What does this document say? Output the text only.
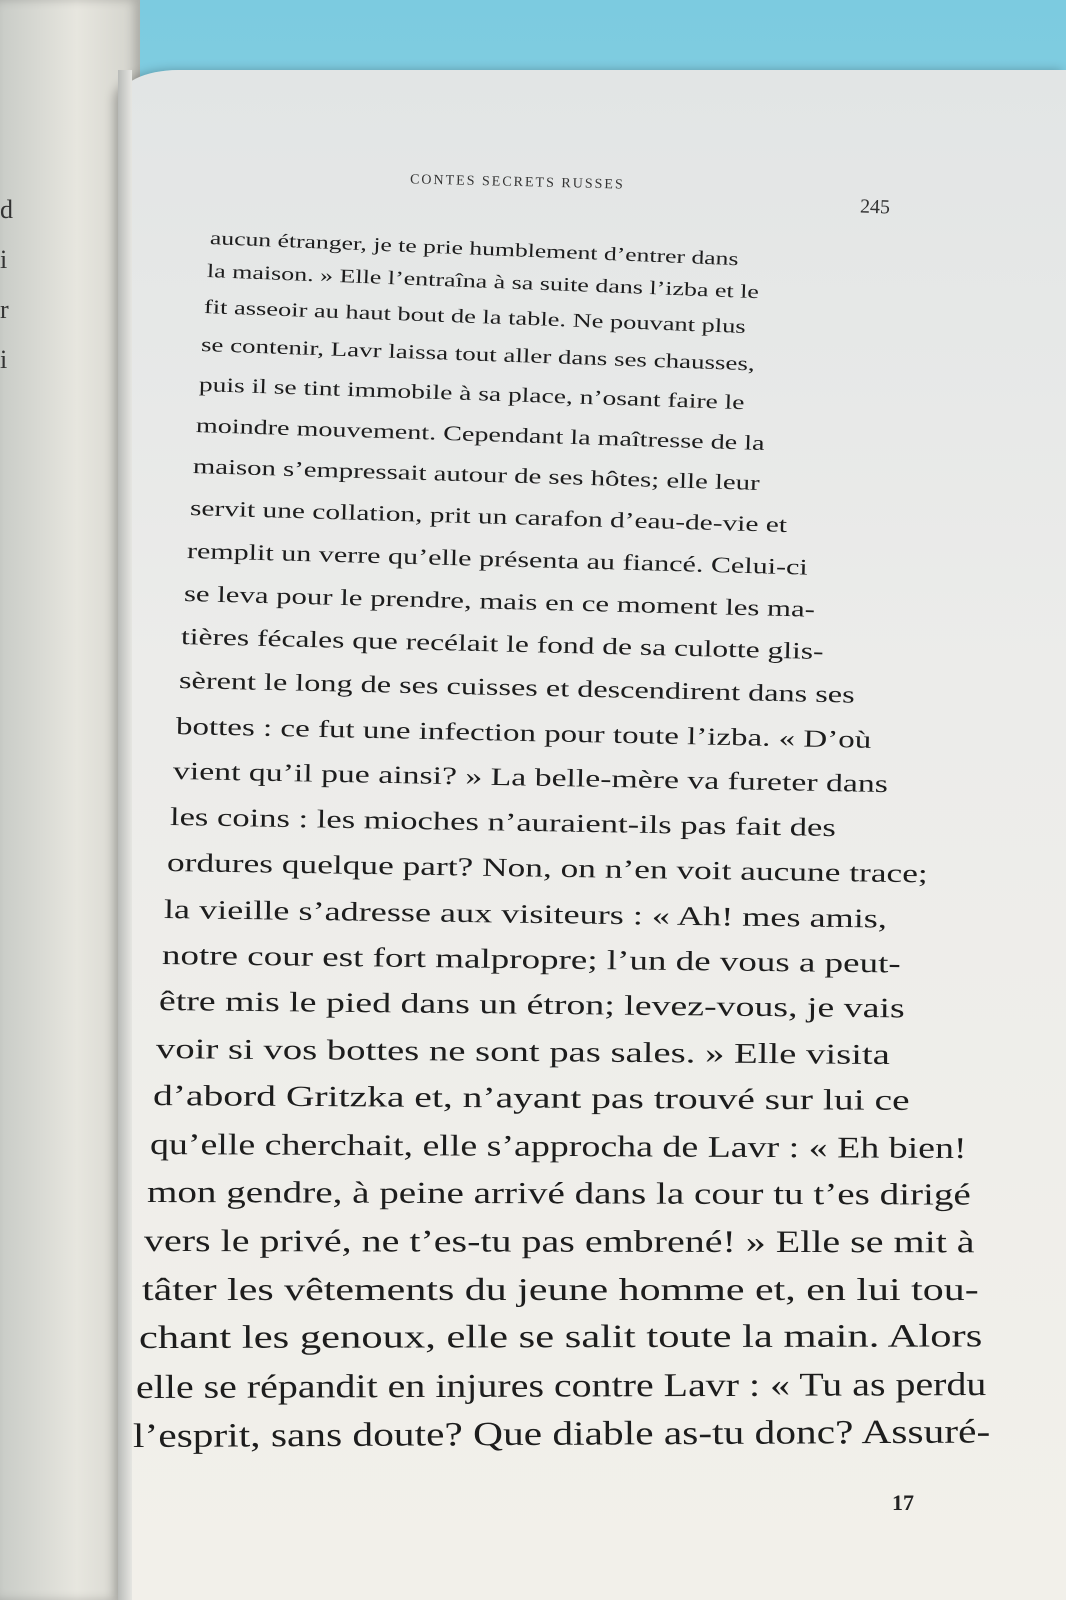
d
i
r
i
CONTES SECRETS RUSSES
245
aucun étranger, je te prie humblement d’entrer dans
la maison. » Elle l’entraîna à sa suite dans l’izba et le
fit asseoir au haut bout de la table. Ne pouvant plus
se contenir, Lavr laissa tout aller dans ses chausses,
puis il se tint immobile à sa place, n’osant faire le
moindre mouvement. Cependant la maîtresse de la
maison s’empressait autour de ses hôtes; elle leur
servit une collation, prit un carafon d’eau-de-vie et
remplit un verre qu’elle présenta au fiancé. Celui-ci
se leva pour le prendre, mais en ce moment les ma-
tières fécales que recélait le fond de sa culotte glis-
sèrent le long de ses cuisses et descendirent dans ses
bottes : ce fut une infection pour toute l’izba. « D’où
vient qu’il pue ainsi? » La belle-mère va fureter dans
les coins : les mioches n’auraient-ils pas fait des
ordures quelque part? Non, on n’en voit aucune trace;
la vieille s’adresse aux visiteurs : « Ah! mes amis,
notre cour est fort malpropre; l’un de vous a peut-
être mis le pied dans un étron; levez-vous, je vais
voir si vos bottes ne sont pas sales. » Elle visita
d’abord Gritzka et, n’ayant pas trouvé sur lui ce
qu’elle cherchait, elle s’approcha de Lavr : « Eh bien!
mon gendre, à peine arrivé dans la cour tu t’es dirigé
vers le privé, ne t’es-tu pas embrené! » Elle se mit à
tâter les vêtements du jeune homme et, en lui tou-
chant les genoux, elle se salit toute la main. Alors
elle se répandit en injures contre Lavr : « Tu as perdu
l’esprit, sans doute? Que diable as-tu donc? Assuré-
17
